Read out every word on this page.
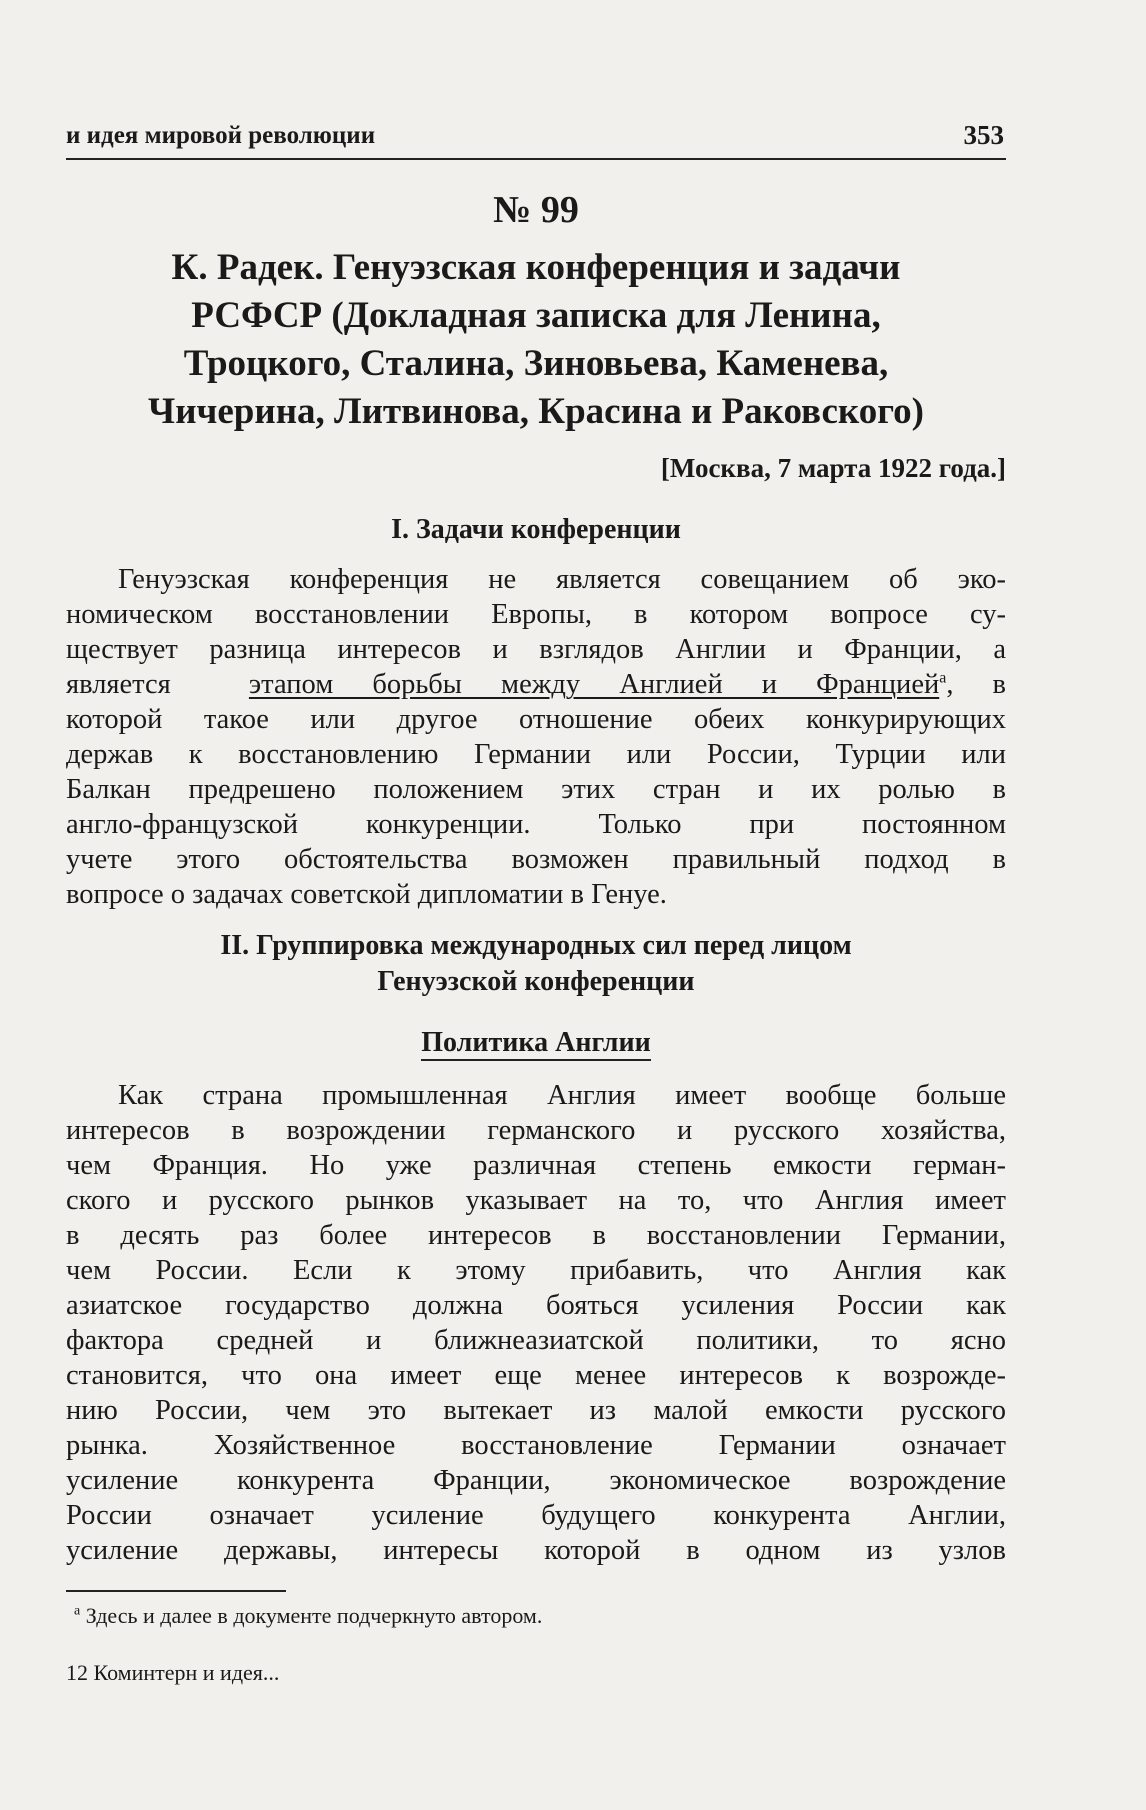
и идея мировой революции	353
№ 99
К. Радек. Генуэзская конференция и задачи
РСФСР (Докладная записка для Ленина,
Троцкого, Сталина, Зиновьева, Каменева,
Чичерина, Литвинова, Красина и Раковского)
[Москва, 7 марта 1922 года.]
I. Задачи конференции
Генуэзская конференция не является совещанием об эко-
номическом восстановлении Европы, в котором вопросе су-
ществует разница интересов и взглядов Англии и Франции, а
является	этапом борьбы между Англией и Францией$^а$, в
которой такое или другое отношение обеих конкурирующих
держав к восстановлению Германии или России, Турции или
Балкан предрешено положением этих стран и их ролью в
англо-французской конкуренции. Только при постоянном
учете этого обстоятельства возможен правильный подход в
вопросе о задачах советской дипломатии в Генуе.
II. Группировка международных сил перед лицом
Генуэзской конференции
Политика Англии
Как страна промышленная Англия имеет вообще больше
интересов в возрождении германского и русского хозяйства,
чем Франция. Но уже различная степень емкости герман-
ского и русского рынков указывает на то, что Англия имеет
в десять раз более интересов в восстановлении Германии,
чем России. Если к этому прибавить, что Англия как
азиатское государство должна бояться усиления России как
фактора средней и ближнеазиатской политики, то ясно
становится, что она имеет еще менее интересов к возрожде-
нию России, чем это вытекает из малой емкости русского
рынка. Хозяйственное восстановление Германии означает
усиление конкурента Франции, экономическое возрождение
России означает усиление будущего конкурента Англии,
усиление державы, интересы которой в одном из узлов
$^а$ Здесь и далее в документе подчеркнуто автором.
12 Коминтерн и идея...
